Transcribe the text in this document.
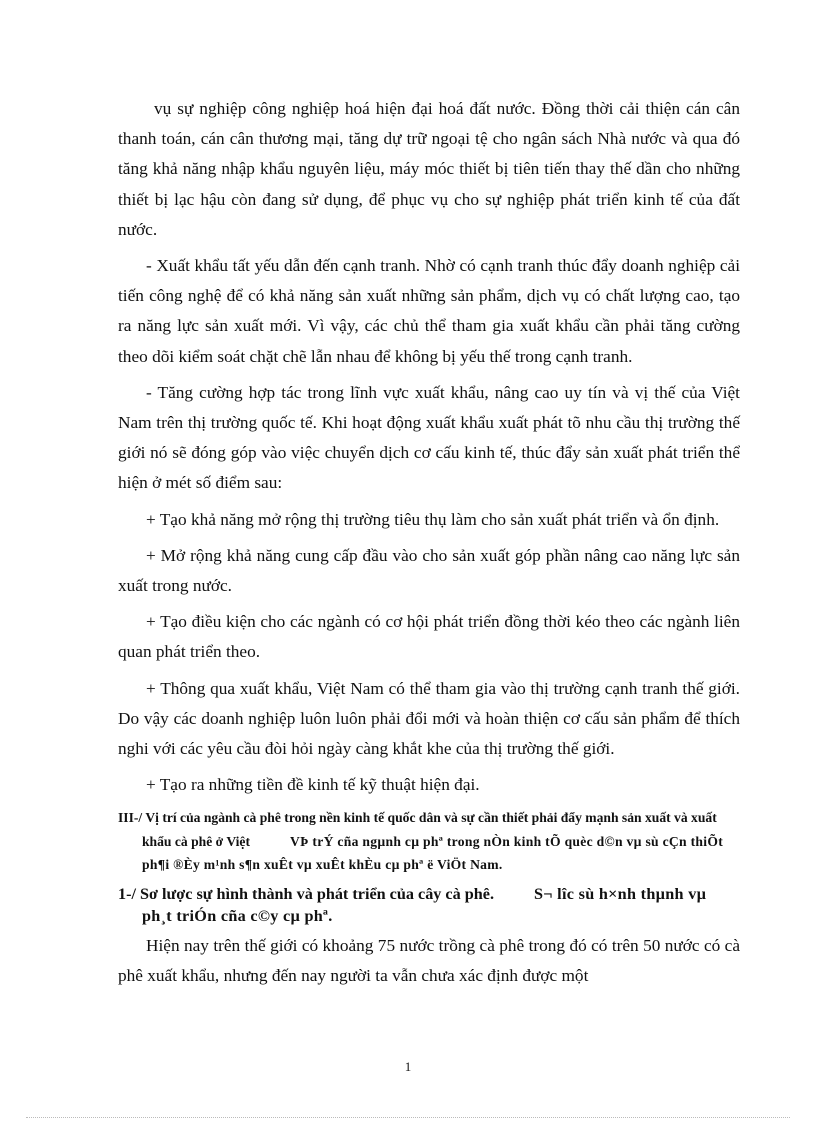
vụ sự nghiệp công nghiệp hoá hiện đại hoá đất nước. Đồng thời cải thiện cán cân thanh toán, cán cân thương mại, tăng dự trữ ngoại tệ cho ngân sách Nhà nước và qua đó tăng khả năng nhập khẩu nguyên liệu, máy móc thiết bị tiên tiến thay thế dần cho những thiết bị lạc hậu còn đang sử dụng, để phục vụ cho sự nghiệp phát triển kinh tế của đất nước.

- Xuất khẩu tất yếu dẫn đến cạnh tranh. Nhờ có cạnh tranh thúc đẩy doanh nghiệp cải tiến công nghệ để có khả năng sản xuất những sản phẩm, dịch vụ có chất lượng cao, tạo ra năng lực sản xuất mới. Vì vậy, các chủ thể tham gia xuất khẩu cần phải tăng cường theo dõi kiểm soát chặt chẽ lẫn nhau để không bị yếu thế trong cạnh tranh.

- Tăng cường hợp tác trong lĩnh vực xuất khẩu, nâng cao uy tín và vị thế của Việt Nam trên thị trường quốc tế. Khi hoạt động xuất khẩu xuất phát tõ nhu cầu thị trường thế giới nó sẽ đóng góp vào việc chuyển dịch cơ cấu kinh tế, thúc đẩy sản xuất phát triển thể hiện ở mét số điểm sau:

+ Tạo khả năng mở rộng thị trường tiêu thụ làm cho sản xuất phát triển và ổn định.

+ Mở rộng khả năng cung cấp đầu vào cho sản xuất góp phần nâng cao năng lực sản xuất trong nước.

+ Tạo điều kiện cho các ngành có cơ hội phát triển đồng thời kéo theo các ngành liên quan phát triển theo.

+ Thông qua xuất khẩu, Việt Nam có thể tham gia vào thị trường cạnh tranh thế giới. Do vậy các doanh nghiệp luôn luôn phải đổi mới và hoàn thiện cơ cấu sản phẩm để thích nghi với các yêu cầu đòi hỏi ngày càng khắt khe của thị trường thế giới.

+ Tạo ra những tiền đề kinh tế kỹ thuật hiện đại.

III-/ Vị trí của ngành cà phê trong nền kinh tế quốc dân và sự cần thiết phải đẩy mạnh sản xuất và xuất khẩu cà phê ở Việt	VÞ trÝ cña ngµnh cµ phª trong nÒn kinh tÕ quèc d©n vµ sù cÇn thiÕt ph¶i ®Èy m¹nh s¶n xuÊt vµ xuÊt khÈu cµ phª ë ViÖt Nam.

1-/ Sơ lược sự hình thành và phát triển của cây cà phê. S¬ lîc sù h×nh thµnh vµ ph¸t triÓn cña c©y cµ phª.

Hiện nay trên thế giới có khoảng 75 nước trồng cà phê trong đó có trên 50 nước có cà phê xuất khẩu, nhưng đến nay người ta vẫn chưa xác định được một

1
